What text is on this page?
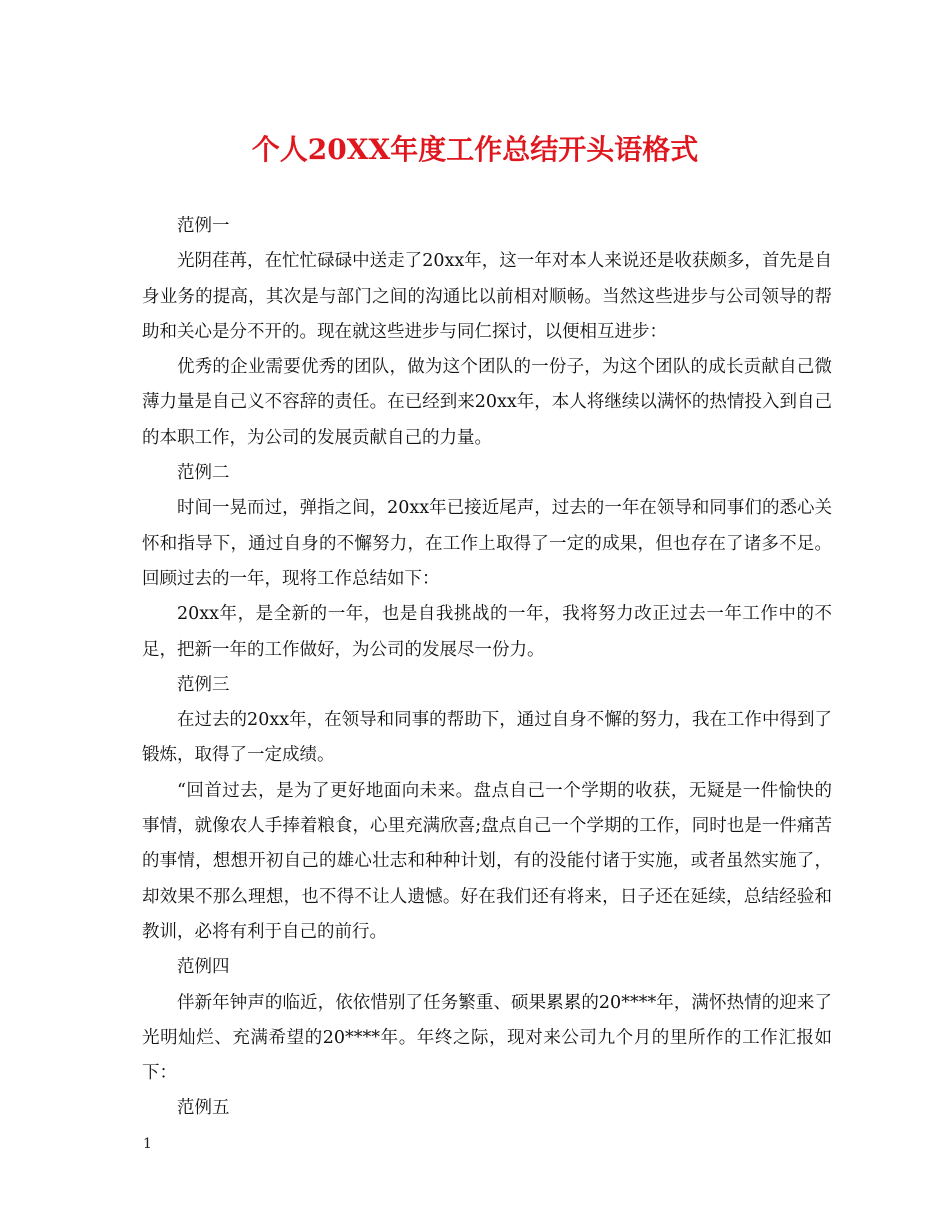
个人20XX年度工作总结开头语格式

范例一

光阴荏苒，在忙忙碌碌中送走了20xx年，这一年对本人来说还是收获颇多，首先是自身业务的提高，其次是与部门之间的沟通比以前相对顺畅。当然这些进步与公司领导的帮助和关心是分不开的。现在就这些进步与同仁探讨，以便相互进步：

优秀的企业需要优秀的团队，做为这个团队的一份子，为这个团队的成长贡献自己微薄力量是自己义不容辞的责任。在已经到来20xx年，本人将继续以满怀的热情投入到自己的本职工作，为公司的发展贡献自己的力量。

范例二

时间一晃而过，弹指之间，20xx年已接近尾声，过去的一年在领导和同事们的悉心关怀和指导下，通过自身的不懈努力，在工作上取得了一定的成果，但也存在了诸多不足。回顾过去的一年，现将工作总结如下：

20xx年，是全新的一年，也是自我挑战的一年，我将努力改正过去一年工作中的不足，把新一年的工作做好，为公司的发展尽一份力。

范例三

在过去的20xx年，在领导和同事的帮助下，通过自身不懈的努力，我在工作中得到了锻炼，取得了一定成绩。

“回首过去，是为了更好地面向未来。盘点自己一个学期的收获，无疑是一件愉快的事情，就像农人手捧着粮食，心里充满欣喜;盘点自己一个学期的工作，同时也是一件痛苦的事情，想想开初自己的雄心壮志和种种计划，有的没能付诸于实施，或者虽然实施了，却效果不那么理想，也不得不让人遗憾。好在我们还有将来，日子还在延续，总结经验和教训，必将有利于自己的前行。

范例四

伴新年钟声的临近，依依惜别了任务繁重、硕果累累的20****年，满怀热情的迎来了光明灿烂、充满希望的20****年。年终之际，现对来公司九个月的里所作的工作汇报如下：

范例五

1
